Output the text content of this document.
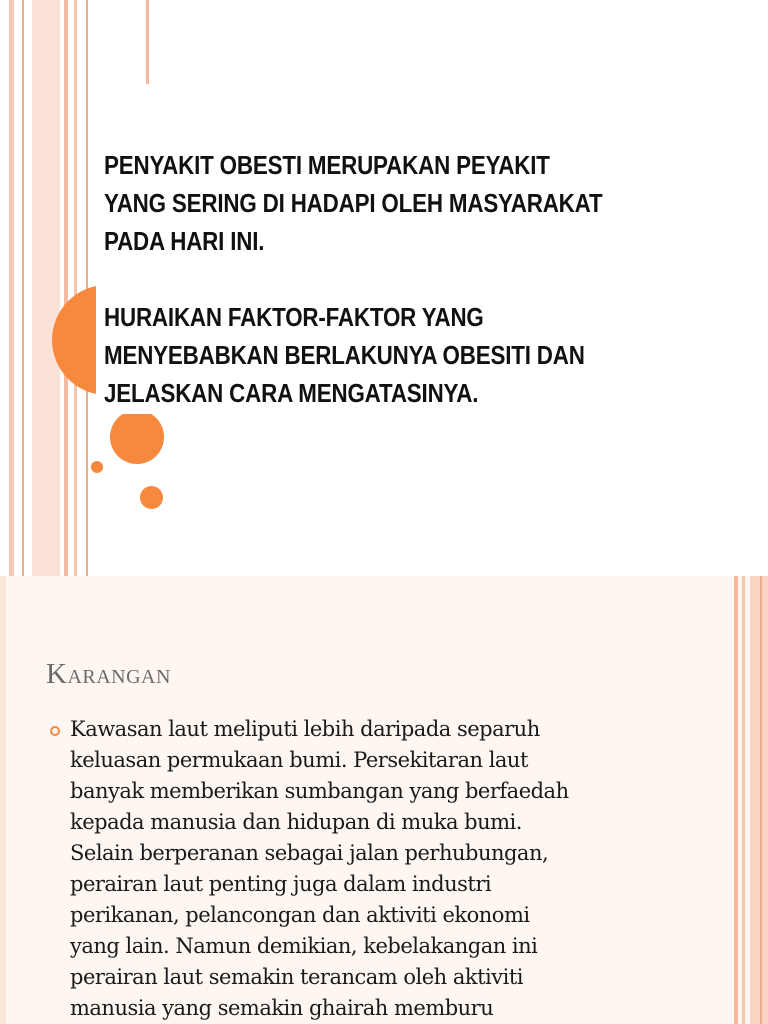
PENYAKIT OBESTI MERUPAKAN PEYAKIT

YANG SERING DI HADAPI OLEH MASYARAKAT

PADA HARI INI.

HURAIKAN FAKTOR-FAKTOR YANG

MENYEBABKAN BERLAKUNYA OBESITI DAN

JELASKAN CARA MENGATASINYA.

Karangan

Kawasan laut meliputi lebih daripada separuh
keluasan permukaan bumi. Persekitaran laut
banyak memberikan sumbangan yang berfaedah
kepada manusia dan hidupan di muka bumi.
Selain berperanan sebagai jalan perhubungan,
perairan laut penting juga dalam industri
perikanan, pelancongan dan aktiviti ekonomi
yang lain. Namun demikian, kebelakangan ini
perairan laut semakin terancam oleh aktiviti
manusia yang semakin ghairah memburu
